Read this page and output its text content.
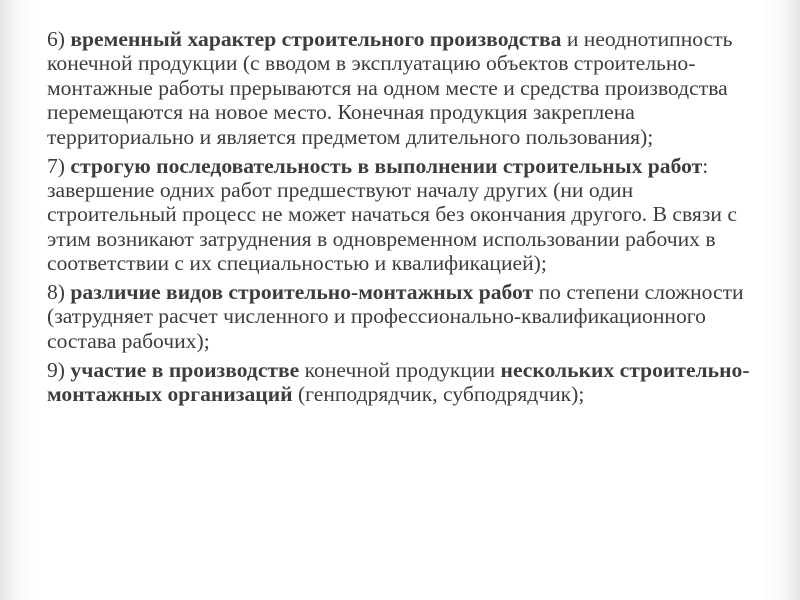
6) временный характер строительного производства и неоднотипность конечной продукции (с вводом в эксплуатацию объектов строительно-монтажные работы прерываются на одном месте и средства производства перемещаются на новое место. Конечная продукция закреплена территориально и является предметом длительного пользования);

7) строгую последовательность в выполнении строительных работ: завершение одних работ предшествуют началу других (ни один строительный процесс не может начаться без окончания другого. В связи с этим возникают затруднения в одновременном использовании рабочих в соответствии с их специальностью и квалификацией);

8) различие видов строительно-монтажных работ по степени сложности (затрудняет расчет численного и профессионально-квалификационного состава рабочих);

9) участие в производстве конечной продукции нескольких строительно-монтажных организаций (генподрядчик, субподрядчик);
